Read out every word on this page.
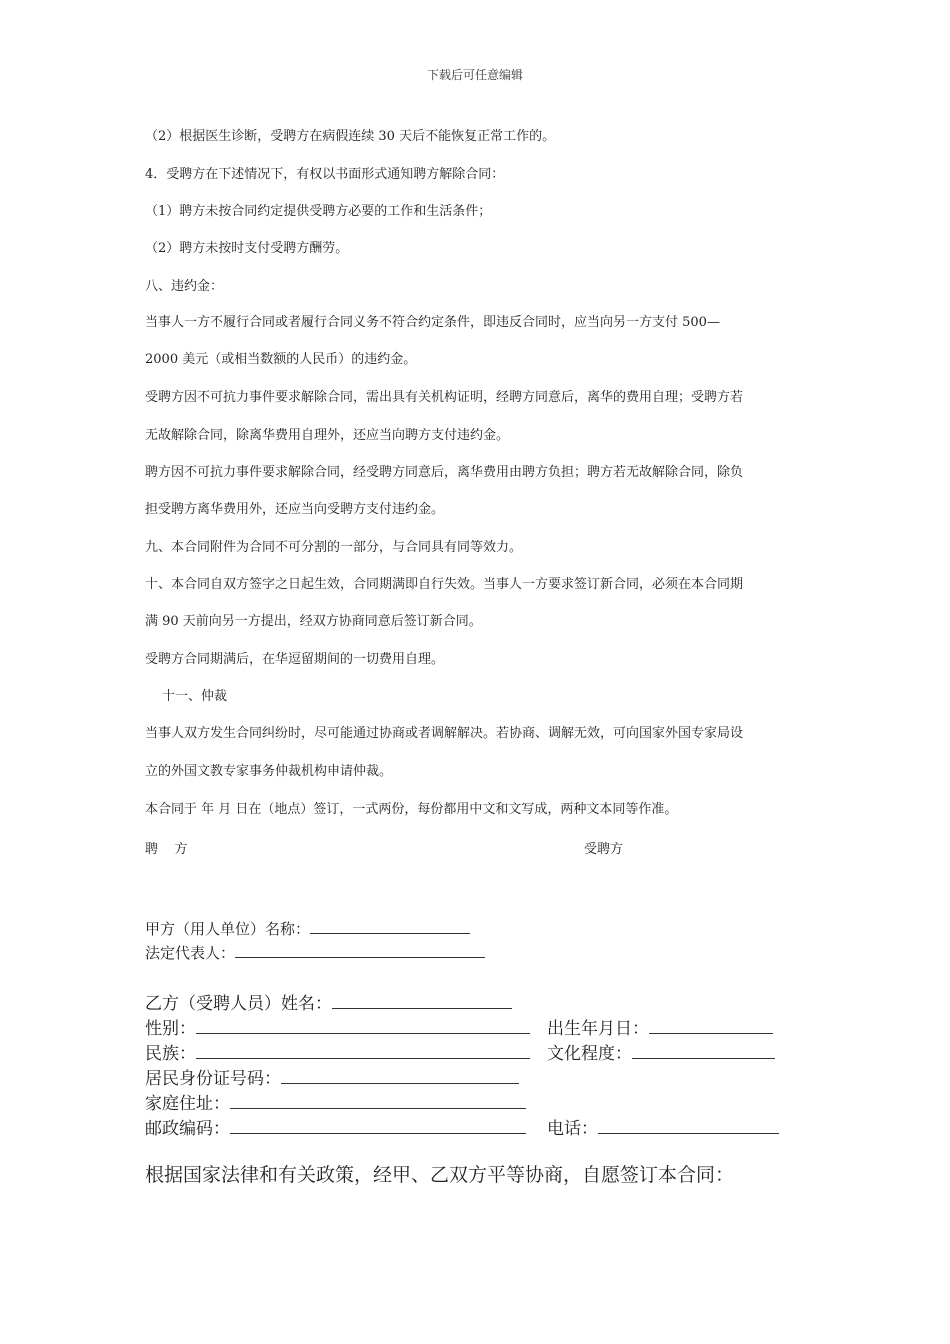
下载后可任意编辑
（2）根据医生诊断，受聘方在病假连续 30 天后不能恢复正常工作的。
4．受聘方在下述情况下，有权以书面形式通知聘方解除合同：
（1）聘方未按合同约定提供受聘方必要的工作和生活条件；
（2）聘方未按时支付受聘方酬劳。
八、违约金：
当事人一方不履行合同或者履行合同义务不符合约定条件，即违反合同时，应当向另一方支付 500—
2000 美元（或相当数额的人民币）的违约金。
受聘方因不可抗力事件要求解除合同，需出具有关机构证明，经聘方同意后，离华的费用自理；受聘方若
无故解除合同，除离华费用自理外，还应当向聘方支付违约金。
聘方因不可抗力事件要求解除合同，经受聘方同意后，离华费用由聘方负担；聘方若无故解除合同，除负
担受聘方离华费用外，还应当向受聘方支付违约金。
九、本合同附件为合同不可分割的一部分，与合同具有同等效力。
十、本合同自双方签字之日起生效，合同期满即自行失效。当事人一方要求签订新合同，必须在本合同期
满 90 天前向另一方提出，经双方协商同意后签订新合同。
受聘方合同期满后，在华逗留期间的一切费用自理。
十一、仲裁
当事人双方发生合同纠纷时，尽可能通过协商或者调解解决。若协商、调解无效，可向国家外国专家局设
立的外国文教专家事务仲裁机构申请仲裁。
本合同于 年 月 日在（地点）签订，一式两份，每份都用中文和文写成，两种文本同等作准。
聘    方	受聘方
甲方（用人单位）名称：
法定代表人：
乙方（受聘人员）姓名：
性别：	出生年月日：
民族：	文化程度：
居民身份证号码：
家庭住址：
邮政编码：	电话：
根据国家法律和有关政策，经甲、乙双方平等协商，自愿签订本合同：
